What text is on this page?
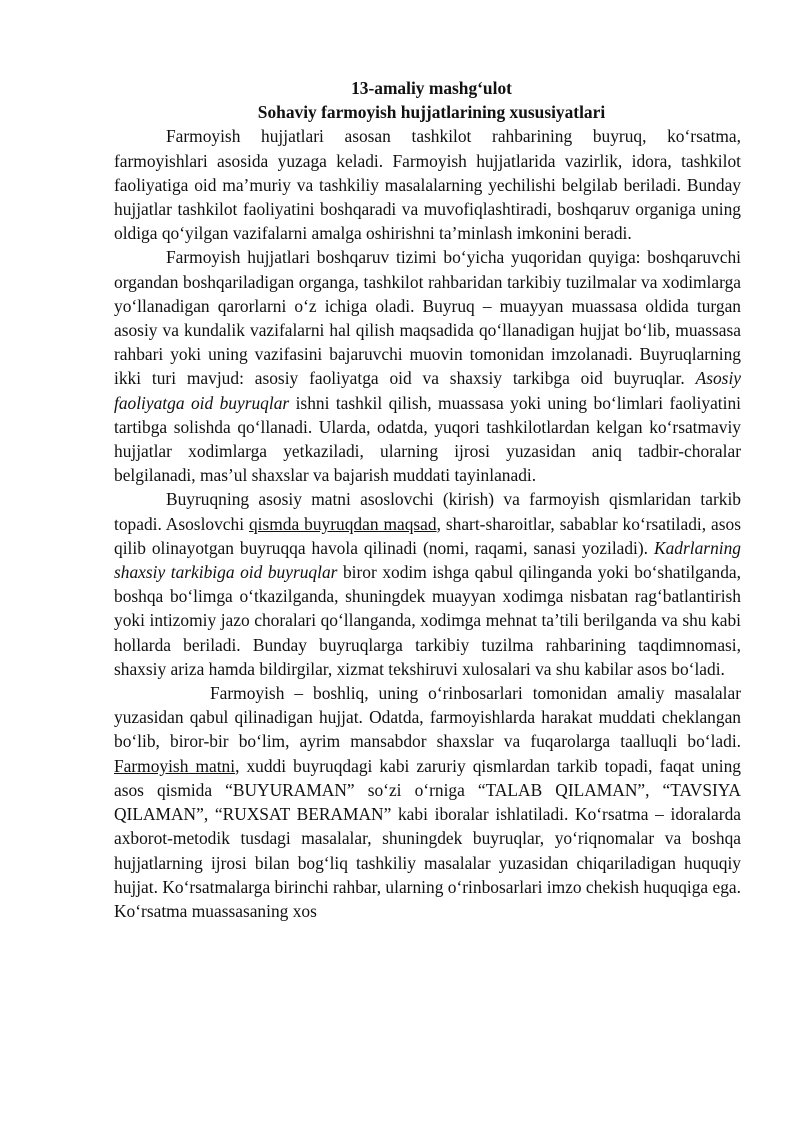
13-amaliy mashg‘ulot
Sohaviy farmoyish hujjatlarining xususiyatlari

Farmoyish hujjatlari asosan tashkilot rahbarining buyruq, ko‘rsatma, farmoyishlari asosida yuzaga keladi. Farmoyish hujjatlarida vazirlik, idora, tashkilot faoliyatiga oid ma’muriy va tashkiliy masalalarning yechilishi belgilab beriladi. Bunday hujjatlar tashkilot faoliyatini boshqaradi va muvofiqlashtiradi, boshqaruv organiga uning oldiga qo‘yilgan vazifalarni amalga oshirishni ta’minlash imkonini beradi.

Farmoyish hujjatlari boshqaruv tizimi bo‘yicha yuqoridan quyiga: boshqaruvchi organdan boshqariladigan organga, tashkilot rahbaridan tarkibiy tuzilmalar va xodimlarga yo‘llanadigan qarorlarni o‘z ichiga oladi. Buyruq – muayyan muassasa oldida turgan asosiy va kundalik vazifalarni hal qilish maqsadida qo‘llanadigan hujjat bo‘lib, muassasa rahbari yoki uning vazifasini bajaruvchi muovin tomonidan imzolanadi. Buyruqlarning ikki turi mavjud: asosiy faoliyatga oid va shaxsiy tarkibga oid buyruqlar. Asosiy faoliyatga oid buyruqlar ishni tashkil qilish, muassasa yoki uning bo‘limlari faoliyatini tartibga solishda qo‘llanadi. Ularda, odatda, yuqori tashkilotlardan kelgan ko‘rsatmaviy hujjatlar xodimlarga yetkaziladi, ularning ijrosi yuzasidan aniq tadbir-choralar belgilanadi, mas’ul shaxslar va bajarish muddati tayinlanadi.

Buyruqning asosiy matni asoslovchi (kirish) va farmoyish qismlaridan tarkib topadi. Asoslovchi qismda buyruqdan maqsad, shart-sharoitlar, sabablar ko‘rsatiladi, asos qilib olinayotgan buyruqqa havola qilinadi (nomi, raqami, sanasi yoziladi). Kadrlarning shaxsiy tarkibiga oid buyruqlar biror xodim ishga qabul qilinganda yoki bo‘shatilganda, boshqa bo‘limga o‘tkazilganda, shuningdek muayyan xodimga nisbatan rag‘batlantirish yoki intizomiy jazo choralari qo‘llanganda, xodimga mehnat ta’tili berilganda va shu kabi hollarda beriladi. Bunday buyruqlarga tarkibiy tuzilma rahbarining taqdimnomasi, shaxsiy ariza hamda bildirgilar, xizmat tekshiruvi xulosalari va shu kabilar asos bo‘ladi.

Farmoyish – boshliq, uning o‘rinbosarlari tomonidan amaliy masalalar yuzasidan qabul qilinadigan hujjat. Odatda, farmoyishlarda harakat muddati cheklangan bo‘lib, biror-bir bo‘lim, ayrim mansabdor shaxslar va fuqarolarga taalluqli bo‘ladi. Farmoyish matni, xuddi buyruqdagi kabi zaruriy qismlardan tarkib topadi, faqat uning asos qismida “BUYURAMAN” so‘zi o‘rniga “TALAB QILAMAN”, “TAVSIYA QILAMAN”, “RUXSAT BERAMAN” kabi iboralar ishlatiladi. Ko‘rsatma – idoralarda axborot-metodik tusdagi masalalar, shuningdek buyruqlar, yo‘riqnomalar va boshqa hujjatlarning ijrosi bilan bog‘liq tashkiliy masalalar yuzasidan chiqariladigan huquqiy hujjat. Ko‘rsatmalarga birinchi rahbar, ularning o‘rinbosarlari imzo chekish huquqiga ega. Ko‘rsatma muassasaning xos
